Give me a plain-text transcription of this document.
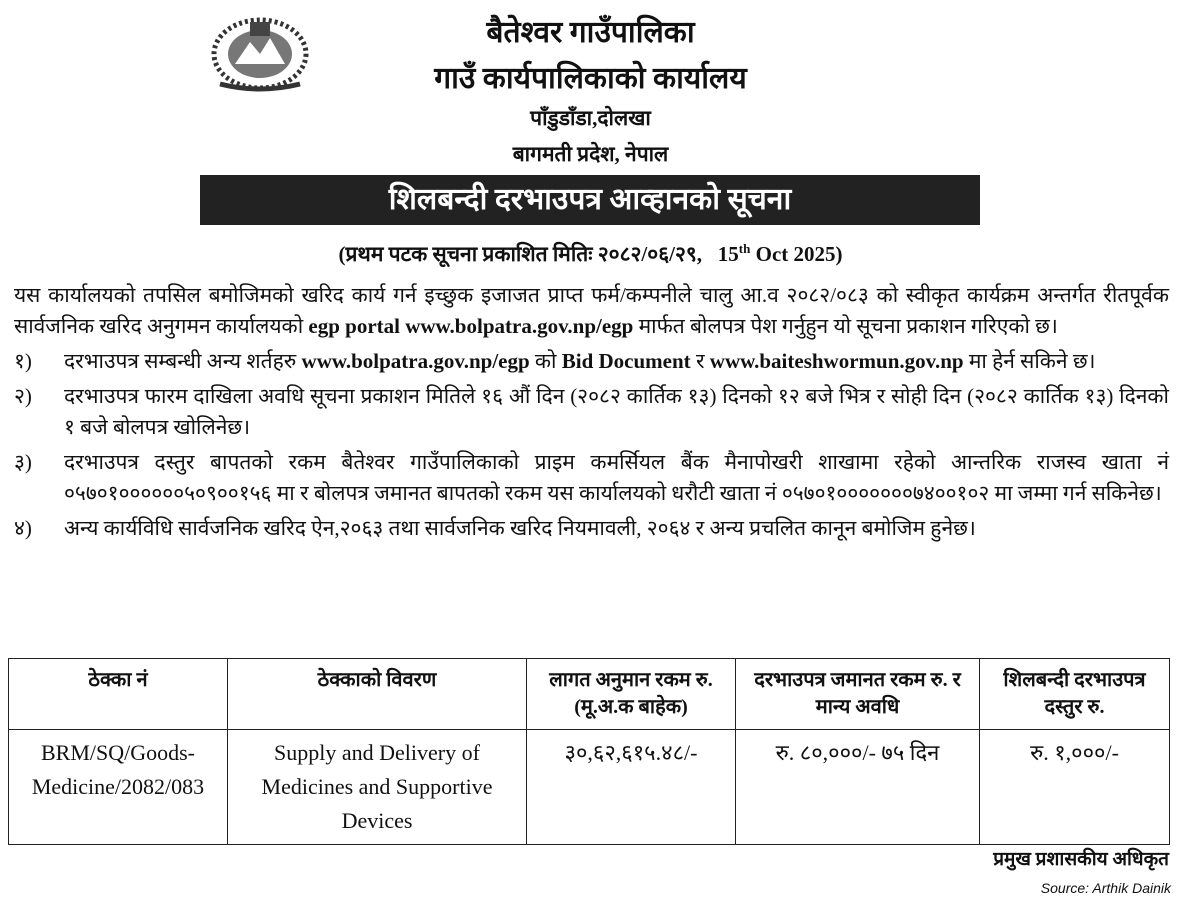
बैतेश्वर गाउँपालिका
गाउँ कार्यपालिकाको कार्यालय
पाँडुडाँडा,दोलखा
बागमती प्रदेश, नेपाल
शिलबन्दी दरभाउपत्र आव्हानको सूचना
(प्रथम पटक सूचना प्रकाशित मितिः २०८२/०६/२९, 15th Oct 2025)
यस कार्यालयको तपसिल बमोजिमको खरिद कार्य गर्न इच्छुक इजाजत प्राप्त फर्म/कम्पनीले चालु आ.व २०८२/०८३ को स्वीकृत कार्यक्रम अन्तर्गत रीतपूर्वक सार्वजनिक खरिद अनुगमन कार्यालयको egp portal www.bolpatra.gov.np/egp मार्फत बोलपत्र पेश गर्नुहुन यो सूचना प्रकाशन गरिएको छ।
१)	दरभाउपत्र सम्बन्धी अन्य शर्तहरु www.bolpatra.gov.np/egp को Bid Document र www.baiteshwormun.gov.np मा हेर्न सकिने छ।
२)	दरभाउपत्र फारम दाखिला अवधि सूचना प्रकाशन मितिले १६ औं दिन (२०८२ कार्तिक १३) दिनको १२ बजे भित्र र सोही दिन (२०८२ कार्तिक १३) दिनको १ बजे बोलपत्र खोलिनेछ।
३)	दरभाउपत्र दस्तुर बापतको रकम बैतेश्वर गाउँपालिकाको प्राइम कमर्सियल बैंक मैनापोखरी शाखामा रहेको आन्तरिक राजस्व खाता नं ०५७०१००००००५०९००१५६ मा र बोलपत्र जमानत बापतको रकम यस कार्यालयको धरौटी खाता नं ०५७०१०००००००७४००१०२ मा जम्मा गर्न सकिनेछ।
४)	अन्य कार्यविधि सार्वजनिक खरिद ऐन,२०६३ तथा सार्वजनिक खरिद नियमावली, २०६४ र अन्य प्रचलित कानून बमोजिम हुनेछ।
ठेक्का नं	ठेक्काको विवरण	लागत अनुमान रकम रु. (मू.अ.क बाहेक)	दरभाउपत्र जमानत रकम रु. र मान्य अवधि	शिलबन्दी दरभाउपत्र दस्तुर रु.
BRM/SQ/Goods-Medicine/2082/083	Supply and Delivery of Medicines and Supportive Devices	३०,६२,६१५.४८/-	रु. ८०,०००/- ७५ दिन	रु. १,०००/-
प्रमुख प्रशासकीय अधिकृत
Source: Arthik Dainik
